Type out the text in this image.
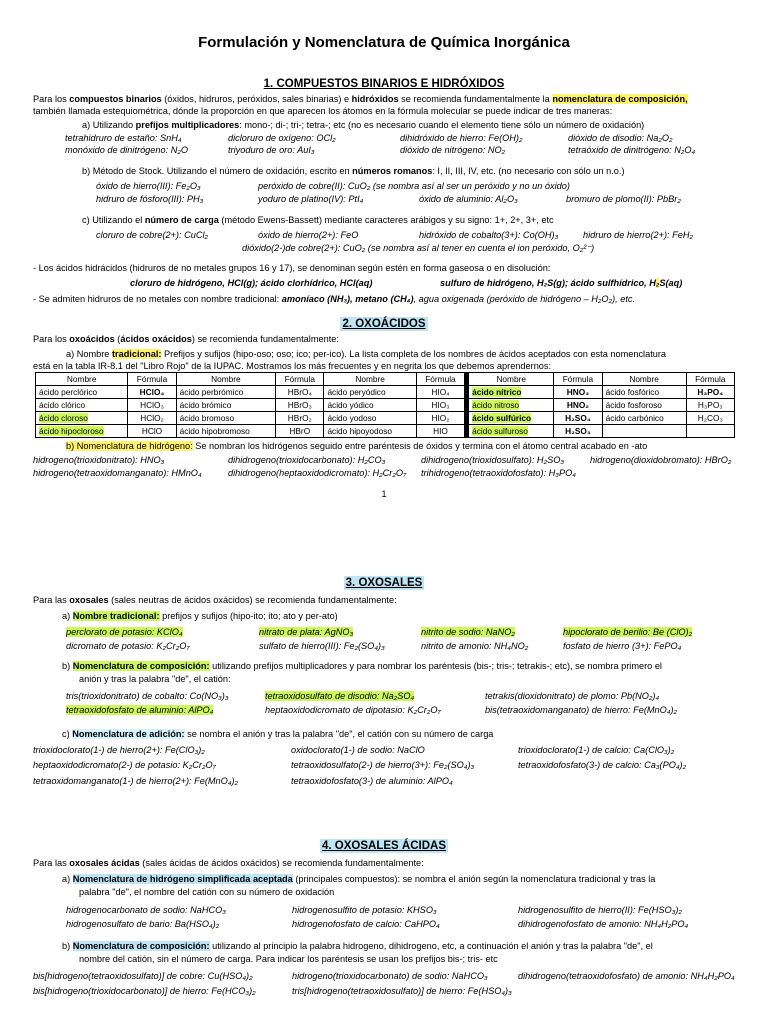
Formulación y Nomenclatura de Química Inorgánica
1. COMPUESTOS BINARIOS E HIDRÓXIDOS

Para los compuestos binarios (óxidos, hidruros, peróxidos, sales binarias) e hidróxidos se recomienda fundamentalmente la nomenclatura de composición,

también llamada estequiométrica, dónde la proporción en que aparecen los átomos en la fórmula molecular se puede indicar de tres maneras:

a) Utilizando prefijos multiplicadores: mono-; di-; tri-; tetra-; etc (no es necesario cuando el elemento tiene sólo un número de oxidación)

tetrahidruro de estaño: SnH₄	dicloruro de oxígeno: OCl₂	dihidróxido de hierro: Fe(OH)₂	dióxido de disodio: Na₂O₂

monóxido de dinitrógeno: N₂O	triyoduro de oro: AuI₃	dióxido de nitrógeno: NO₂	tetraóxido de dinitrógeno: N₂O₄

b) Método de Stock. Utilizando el número de oxidación, escrito en números romanos: I, II, III, IV, etc. (no necesario con sólo un n.o.)

óxido de hierro(III): Fe₂O₃	peróxido de cobre(II): CuO₂ (se nombra así al ser un peróxido y no un óxido)

hidruro de fósforo(III): PH₃	yoduro de platino(IV): PtI₄	óxido de aluminio: Al₂O₃	bromuro de plomo(II): PbBr₂

c) Utilizando el número de carga (método Ewens-Bassett) mediante caracteres arábigos y su signo: 1+, 2+, 3+, etc

cloruro de cobre(2+): CuCl₂	óxido de hierro(2+): FeO	hidróxido de cobalto(3+): Co(OH)₃	hidruro de hierro(2+): FeH₂

dióxido(2-)de cobre(2+): CuO₂ (se nombra así al tener en cuenta el ion peróxido, O₂²⁻)

- Los ácidos hidrácidos (hidruros de no metales grupos 16 y 17), se denominan según estén en forma gaseosa o en disolución:

cloruro de hidrógeno, HCl(g); ácido clorhídrico, HCl(aq)	sulfuro de hidrógeno, H₂S(g); ácido sulfhídrico, H₂S(aq)

- Se admiten hidruros de no metales con nombre tradicional: amoníaco (NH₃), metano (CH₄), agua oxigenada (peróxido de hidrógeno – H₂O₂), etc.

2. OXOÁCIDOS

Para los oxoácidos (ácidos oxácidos) se recomienda fundamentalmente:

a) Nombre tradicional: Prefijos y sufijos (hipo-oso; oso; ico; per-ico). La lista completa de los nombres de ácidos aceptados con esta nomenclatura

está en la tabla IR-8.1 del "Libro Rojo" de la IUPAC. Mostramos los más frecuentes y en negrita los que debemos aprendernos:

Nombre	Fórmula	Nombre	Fórmula	Nombre	Fórmula		Nombre	Fórmula	Nombre	Fórmula
ácido perclórico	HClO₄	ácido perbrómico	HBrO₄	ácido peryódico	HIO₄		ácido nítrico	HNO₃	ácido fosfórico	H₃PO₄
ácido clórico	HClO₃	ácido brómico	HBrO₃	ácido yódico	HIO₃		ácido nitroso	HNO₂	ácido fosforoso	H₃PO₃
ácido cloroso	HClO₂	ácido bromoso	HBrO₂	ácido yodoso	HIO₂		ácido sulfúrico	H₂SO₄	ácido carbónico	H₂CO₃
ácido hipocloroso	HClO	ácido hipobromoso	HBrO	ácido hipoyodoso	HIO		ácido sulfuroso	H₂SO₃		

b) Nomenclatura de hidrógeno: Se nombran los hidrógenos seguido entre paréntesis de óxidos y termina con el átomo central acabado en -ato

hidrogeno(trioxidonitrato): HNO₃	dihidrogeno(trioxidocarbonato): H₂CO₃	dihidrogeno(trioxidosulfato): H₂SO₃	hidrogeno(dioxidobromato): HBrO₂

hidrogeno(tetraoxidomanganato): HMnO₄	dihidrogeno(heptaoxidodicromato): H₂Cr₂O₇ trihidrogeno(tetraoxidofosfato): H₃PO₄

1
3. OXOSALES

Para las oxosales (sales neutras de ácidos oxácidos) se recomienda fundamentalmente:

a) Nombre tradicional: prefijos y sufijos (hipo-ito; ito; ato y per-ato)

perclorato de potasio: KClO₄	nitrato de plata: AgNO₃	nitrito de sodio: NaNO₂	hipoclorato de berilio: Be (ClO)₂

dicromato de potasio: K₂Cr₂O₇	sulfato de hierro(III): Fe₂(SO₄)₃	nitrito de amonio: NH₄NO₂	fosfato de hierro (3+): FePO₄

b) Nomenclatura de composición: utilizando prefijos multiplicadores y para nombrar los paréntesis (bis-; tris-; tetrakis-; etc), se nombra primero el

anión y tras la palabra "de", el catión:

tris(trioxidonitrato) de cobalto: Co(NO₃)₃	tetraoxidosulfato de disodio: Na₂SO₄	tetrakis(dioxidonitrato) de plomo: Pb(NO₂)₄

tetraoxidofosfato de aluminio: AlPO₄	heptaoxidodicromato de dipotasio: K₂Cr₂O₇	bis(tetraoxidomanganato) de hierro: Fe(MnO₄)₂

c) Nomenclatura de adición: se nombra el anión y tras la palabra "de", el catión con su número de carga

trioxidoclorato(1-) de hierro(2+): Fe(ClO₃)₂	oxidoclorato(1-) de sodio: NaClO	trioxidoclorato(1-) de calcio: Ca(ClO₃)₂

heptaoxidodicromato(2-) de potasio: K₂Cr₂O₇	tetraoxidosulfato(2-) de hierro(3+): Fe₂(SO₄)₃	tetraoxidofosfato(3-) de calcio: Ca₃(PO₄)₂

tetraoxidomanganato(1-) de hierro(2+): Fe(MnO₄)₂	tetraoxidofosfato(3-) de aluminio: AlPO₄

4. OXOSALES ÁCIDAS

Para las oxosales ácidas (sales ácidas de ácidos oxácidos) se recomienda fundamentalmente:

a) Nomenclatura de hidrógeno simplificada aceptada (principales compuestos): se nombra el anión según la nomenclatura tradicional y tras la

palabra "de", el nombre del catión con su número de oxidación

hidrogenocarbonato de sodio: NaHCO₃	hidrogenosulfito de potasio: KHSO₃	hidrogenosulfito de hierro(II): Fe(HSO₃)₂

hidrogenosulfato de bario: Ba(HSO₄)₂	hidrogenofosfato de calcio: CaHPO₄	dihidrogenofosfato de amonio: NH₄H₂PO₄

b) Nomenclatura de composición: utilizando al principio la palabra hidrogeno, dihidrogeno, etc, a continuación el anión y tras la palabra "de", el

nombre del catión, sin el número de carga. Para indicar los paréntesis se usan los prefijos bis-; tris- etc

bis[hidrogeno(tetraoxidosulfato)] de cobre: Cu(HSO₄)₂	hidrogeno(trioxidocarbonato) de sodio: NaHCO₃	dihidrogeno(tetraoxidofosfato) de amonio: NH₄H₂PO₄

bis[hidrogeno(trioxidocarbonato)] de hierro: Fe(HCO₃)₂	tris[hidrogeno(tetraoxidosulfato)] de hierro: Fe(HSO₄)₃
